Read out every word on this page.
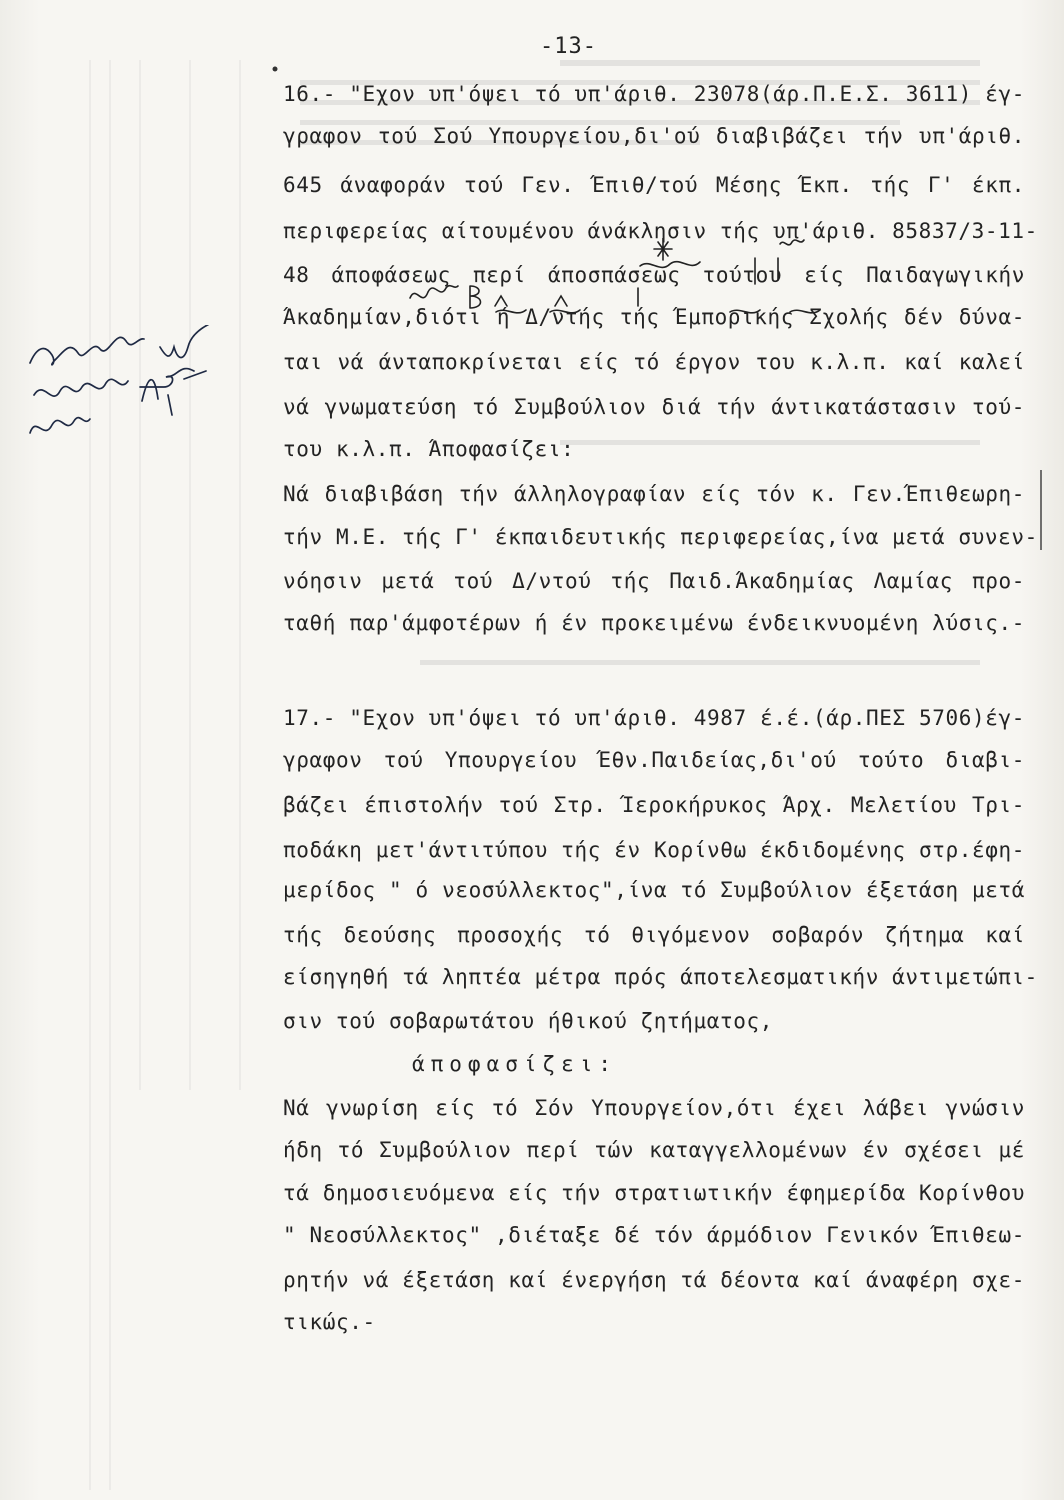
-13-
16.- "Εχον υπ'όψει τό υπ'άριθ. 23078(άρ.Π.Ε.Σ. 3611) έγ-
γραφον τού Σού Υπουργείου,δι'ού διαβιβάζει τήν υπ'άριθ.
645 άναφοράν τού Γεν. Έπιθ/τού Μέσης Έκπ. τής Γ' έκπ.
περιφερείας αίτουμένου άνάκλησιν τής υπ'άριθ. 85837/3-11-
48 άποφάσεως περί άποσπάσεως τούτου είς Παιδαγωγικήν
Άκαδημίαν,διότι ή Δ/ντής τής Έμπορικής Σχολής δέν δύνα-
ται νά άνταποκρίνεται είς τό έργον του κ.λ.π. καί καλεί
νά γνωματεύση τό Συμβούλιον διά τήν άντικατάστασιν τού-
του κ.λ.π. Άποφασίζει:
Νά διαβιβάση τήν άλληλογραφίαν είς τόν κ. Γεν.Έπιθεωρη-
τήν Μ.Ε. τής Γ' έκπαιδευτικής περιφερείας,ίνα μετά συνεν-
νόησιν μετά τού Δ/ντού τής Παιδ.Άκαδημίας Λαμίας προ-
ταθή παρ'άμφοτέρων ή έν προκειμένω ένδεικνυομένη λύσις.-
17.- "Εχον υπ'όψει τό υπ'άριθ. 4987 έ.έ.(άρ.ΠΕΣ 5706)έγ-
γραφον τού Υπουργείου Έθν.Παιδείας,δι'ού τούτο διαβι-
βάζει έπιστολήν τού Στρ. Ίεροκήρυκος Άρχ. Μελετίου Τρι-
ποδάκη μετ'άντιτύπου τής έν Κορίνθω έκδιδομένης στρ.έφη-
μερίδος " ό νεοσύλλεκτος",ίνα τό Συμβούλιον έξετάση μετά
τής δεούσης προσοχής τό θιγόμενον σοβαρόν ζήτημα καί
είσηγηθή τά ληπτέα μέτρα πρός άποτελεσματικήν άντιμετώπι-
σιν τού σοβαρωτάτου ήθικού ζητήματος,
άποφασίζει:
Νά γνωρίση είς τό Σόν Υπουργείον,ότι έχει λάβει γνώσιν
ήδη τό Συμβούλιον περί τών καταγγελλομένων έν σχέσει μέ
τά δημοσιευόμενα είς τήν στρατιωτικήν έφημερίδα Κορίνθου
" Νεοσύλλεκτος" ,διέταξε δέ τόν άρμόδιον Γενικόν Έπιθεω-
ρητήν νά έξετάση καί ένεργήση τά δέοντα καί άναφέρη σχε-
τικώς.-
